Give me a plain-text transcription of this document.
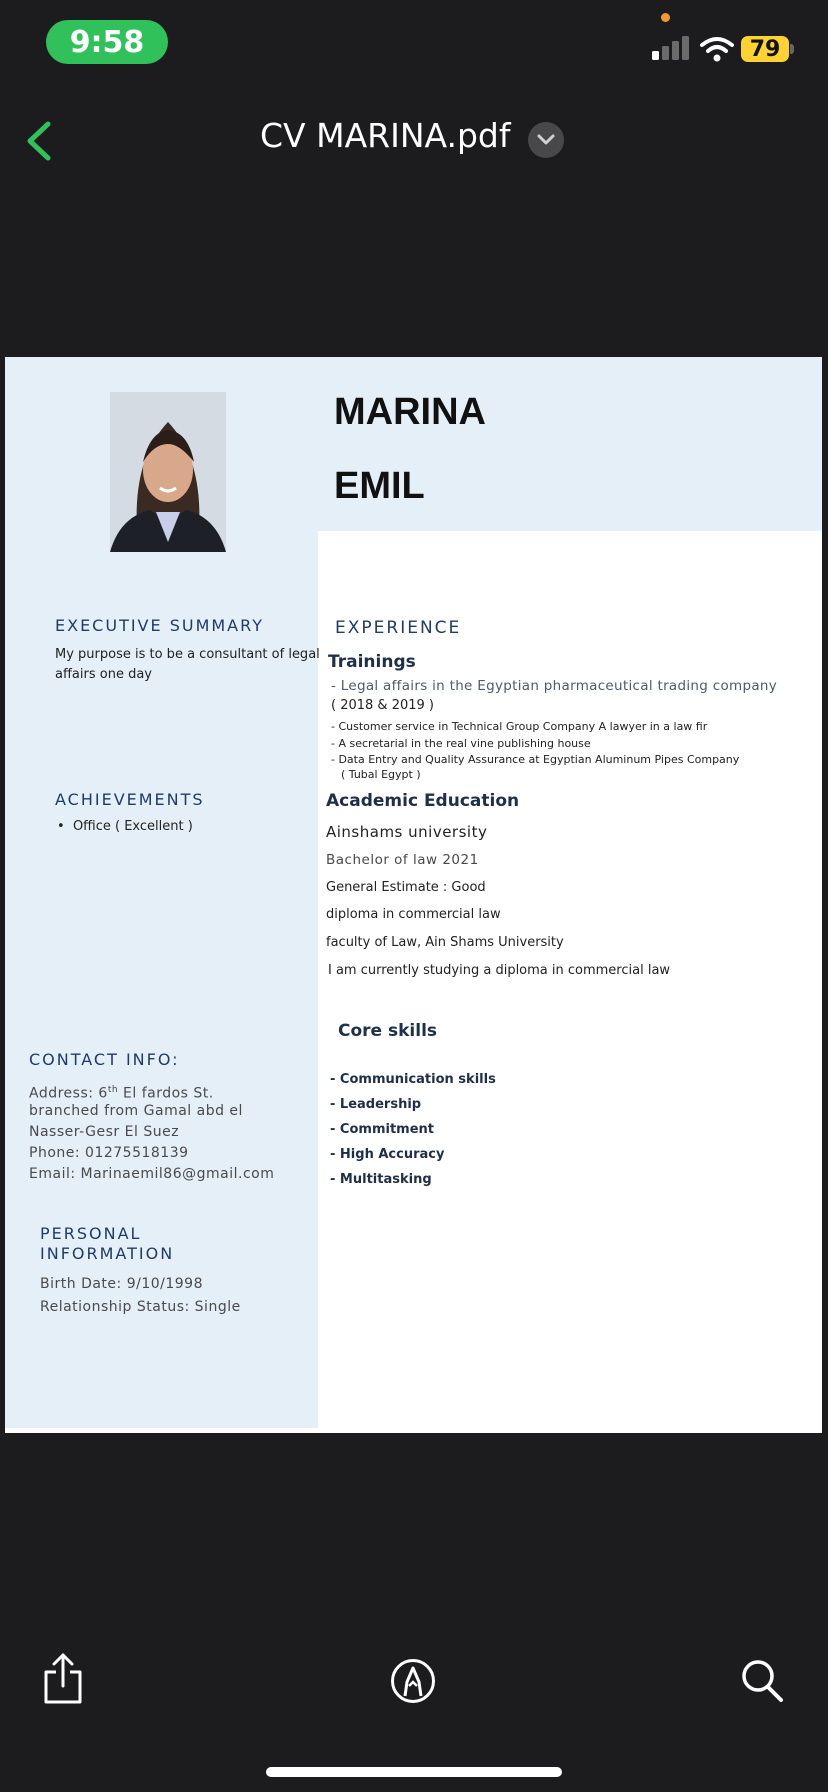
9:58	79
CV MARINA.pdf
MARINA
EMIL
EXECUTIVE SUMMARY
My purpose is to be a consultant of legal
affairs one day
ACHIEVEMENTS
•  Office ( Excellent )
CONTACT INFO:
Address: 6th El fardos St.
branched from Gamal abd el
Nasser-Gesr El Suez
Phone: 01275518139
Email: Marinaemil86@gmail.com
PERSONAL
INFORMATION
Birth Date: 9/10/1998
Relationship Status: Single
EXPERIENCE
Trainings
- Legal affairs in the Egyptian pharmaceutical trading company
( 2018 & 2019 )
- Customer service in Technical Group Company A lawyer in a law fir
- A secretarial in the real vine publishing house
- Data Entry and Quality Assurance at Egyptian Aluminum Pipes Company
( Tubal Egypt )
Academic Education
Ainshams university
Bachelor of law 2021
General Estimate : Good
diploma in commercial law
faculty of Law, Ain Shams University
I am currently studying a diploma in commercial law
Core skills
- Communication skills
- Leadership
- Commitment
- High Accuracy
- Multitasking
